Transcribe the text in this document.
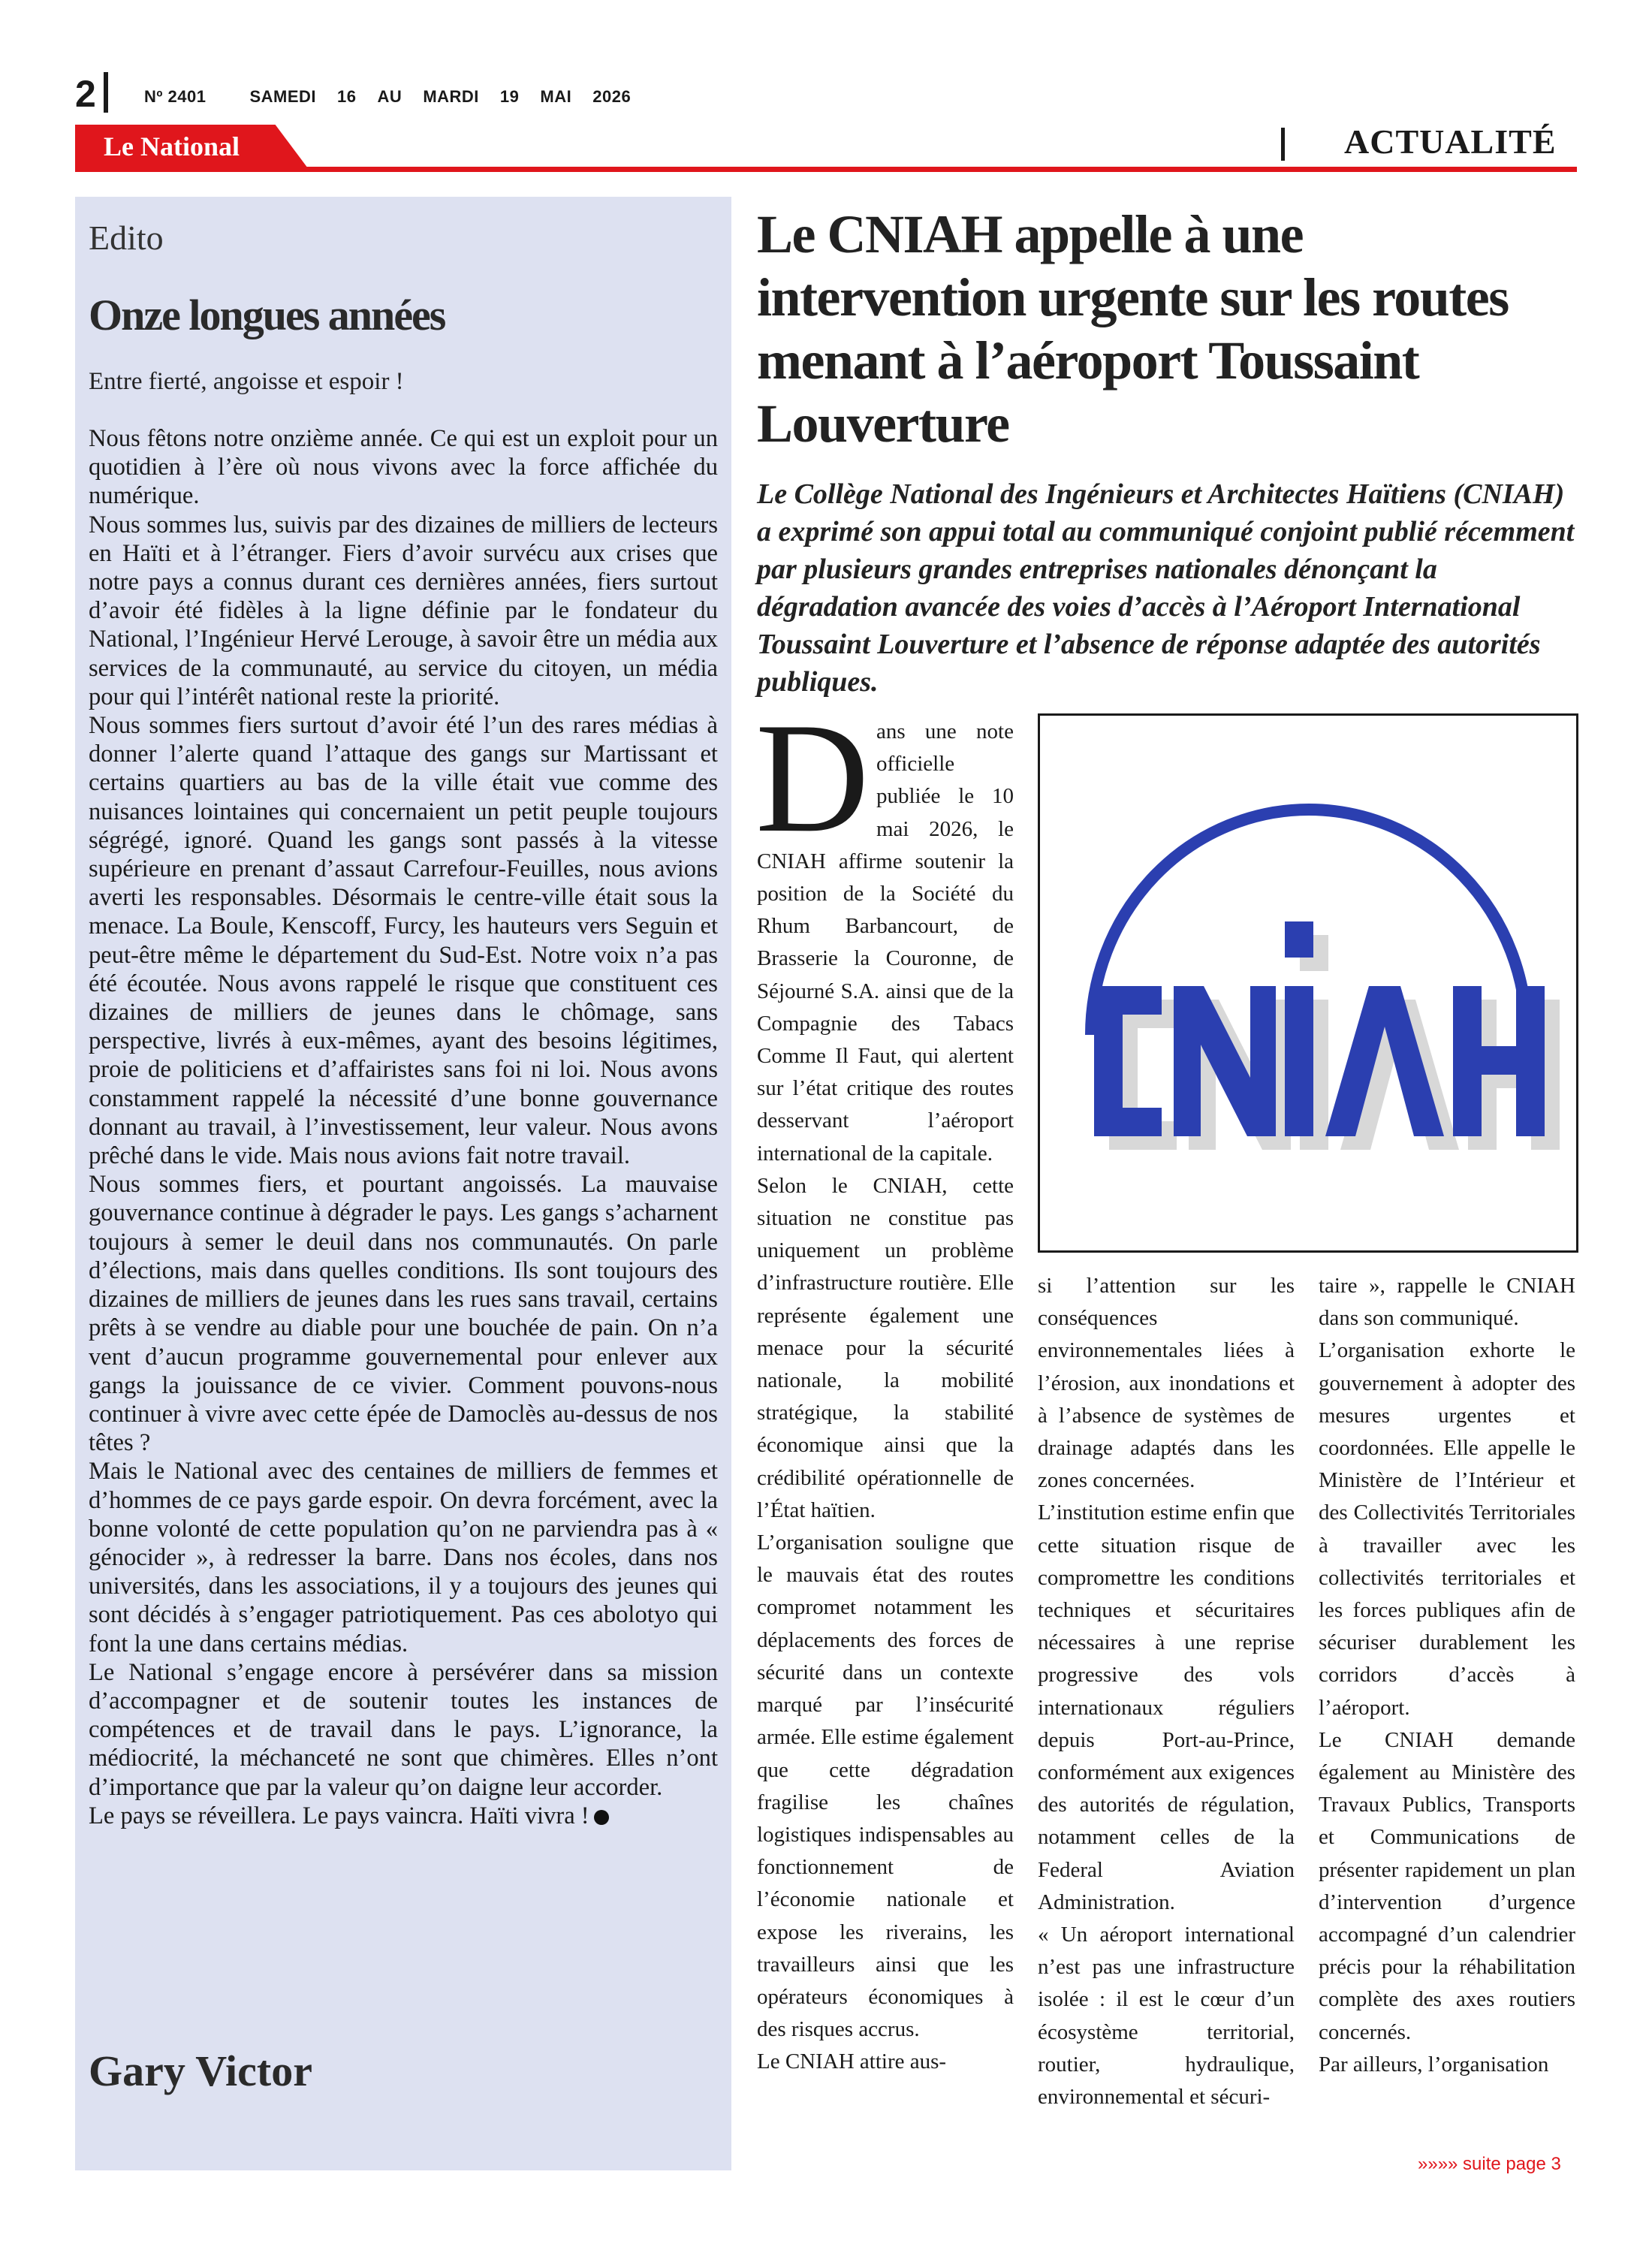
2	Nº 2401	SAMEDI 16 AU MARDI 19 MAI 2026
Le National	ACTUALITÉ
Edito
Onze longues années
Entre fierté, angoisse et espoir !

Nous fêtons notre onzième année. Ce qui est un exploit pour un quotidien à l’ère où nous vivons avec la force affichée du numérique.

Nous sommes lus, suivis par des dizaines de milliers de lecteurs en Haïti et à l’étranger. Fiers d’avoir survécu aux crises que notre pays a connus durant ces dernières années, fiers surtout d’avoir été fidèles à la ligne définie par le fondateur du National, l’Ingénieur Hervé Lerouge, à savoir être un média aux services de la communauté, au service du citoyen, un média pour qui l’intérêt national reste la priorité.

Nous sommes fiers surtout d’avoir été l’un des rares médias à donner l’alerte quand l’attaque des gangs sur Martissant et certains quartiers au bas de la ville était vue comme des nuisances lointaines qui concernaient un petit peuple toujours ségrégé, ignoré. Quand les gangs sont passés à la vitesse supérieure en prenant d’assaut Carrefour-Feuilles, nous avions averti les responsables. Désormais le centre-ville était sous la menace. La Boule, Kenscoff, Furcy, les hauteurs vers Seguin et peut-être même le département du Sud-Est. Notre voix n’a pas été écoutée. Nous avons rappelé le risque que constituent ces dizaines de milliers de jeunes dans le chômage, sans perspective, livrés à eux-mêmes, ayant des besoins légitimes, proie de politiciens et d’affairistes sans foi ni loi. Nous avons constamment rappelé la nécessité d’une bonne gouvernance donnant au travail, à l’investissement, leur valeur. Nous avons prêché dans le vide. Mais nous avions fait notre travail.

Nous sommes fiers, et pourtant angoissés. La mauvaise gouvernance continue à dégrader le pays. Les gangs s’acharnent toujours à semer le deuil dans nos communautés. On parle d’élections, mais dans quelles conditions. Ils sont toujours des dizaines de milliers de jeunes dans les rues sans travail, certains prêts à se vendre au diable pour une bouchée de pain. On n’a vent d’aucun programme gouvernemental pour enlever aux gangs la jouissance de ce vivier. Comment pouvons-nous continuer à vivre avec cette épée de Damoclès au-dessus de nos têtes ?

Mais le National avec des centaines de milliers de femmes et d’hommes de ce pays garde espoir. On devra forcément, avec la bonne volonté de cette population qu’on ne parviendra pas à « génocider », à redresser la barre. Dans nos écoles, dans nos universités, dans les associations, il y a toujours des jeunes qui sont décidés à s’engager patriotiquement. Pas ces abolotyo qui font la une dans certains médias.

Le National s’engage encore à persévérer dans sa mission d’accompagner et de soutenir toutes les instances de compétences et de travail dans le pays. L’ignorance, la médiocrité, la méchanceté ne sont que chimères. Elles n’ont d’importance que par la valeur qu’on daigne leur accorder.

Le pays se réveillera. Le pays vaincra. Haïti vivra !

Gary Victor
Le CNIAH appelle à une intervention urgente sur les routes menant à l’aéroport Toussaint Louverture
Le Collège National des Ingénieurs et Architectes Haïtiens (CNIAH) a exprimé son appui total au communiqué conjoint publié récemment par plusieurs grandes entreprises nationales dénonçant la dégradation avancée des voies d’accès à l’Aéroport International Toussaint Louverture et l’absence de réponse adaptée des autorités publiques.
D ans une note officielle publiée le 10 mai 2026, le CNIAH affirme soutenir la position de la Société du Rhum Barbancourt, de Brasserie la Couronne, de Séjourné S.A. ainsi que de la Compagnie des Tabacs Comme Il Faut, qui alertent sur l’état critique des routes desservant l’aéroport international de la capitale.

Selon le CNIAH, cette situation ne constitue pas uniquement un problème d’infrastructure routière. Elle représente également une menace pour la sécurité nationale, la mobilité stratégique, la stabilité économique ainsi que la crédibilité opérationnelle de l’État haïtien.

L’organisation souligne que le mauvais état des routes compromet notamment les déplacements des forces de sécurité dans un contexte marqué par l’insécurité armée. Elle estime également que cette dégradation fragilise les chaînes logistiques indispensables au fonctionnement de l’économie nationale et expose les riverains, les travailleurs ainsi que les opérateurs économiques à des risques accrus.

Le CNIAH attire aus-

si l’attention sur les conséquences environnementales liées à l’érosion, aux inondations et à l’absence de systèmes de drainage adaptés dans les zones concernées.

L’institution estime enfin que cette situation risque de compromettre les conditions techniques et sécuritaires nécessaires à une reprise progressive des vols internationaux réguliers depuis Port-au-Prince, conformément aux exigences des autorités de régulation, notamment celles de la Federal Aviation Administration.

« Un aéroport international n’est pas une infrastructure isolée : il est le cœur d’un écosystème territorial, routier, hydraulique, environnemental et sécuri-

taire », rappelle le CNIAH dans son communiqué.

L’organisation exhorte le gouvernement à adopter des mesures urgentes et coordonnées. Elle appelle le Ministère de l’Intérieur et des Collectivités Territoriales à travailler avec les collectivités territoriales et les forces publiques afin de sécuriser durablement les corridors d’accès à l’aéroport.

Le CNIAH demande également au Ministère des Travaux Publics, Transports et Communications de présenter rapidement un plan d’intervention d’urgence accompagné d’un calendrier précis pour la réhabilitation complète des axes routiers concernés.

Par ailleurs, l’organisation

»»»» suite page 3
